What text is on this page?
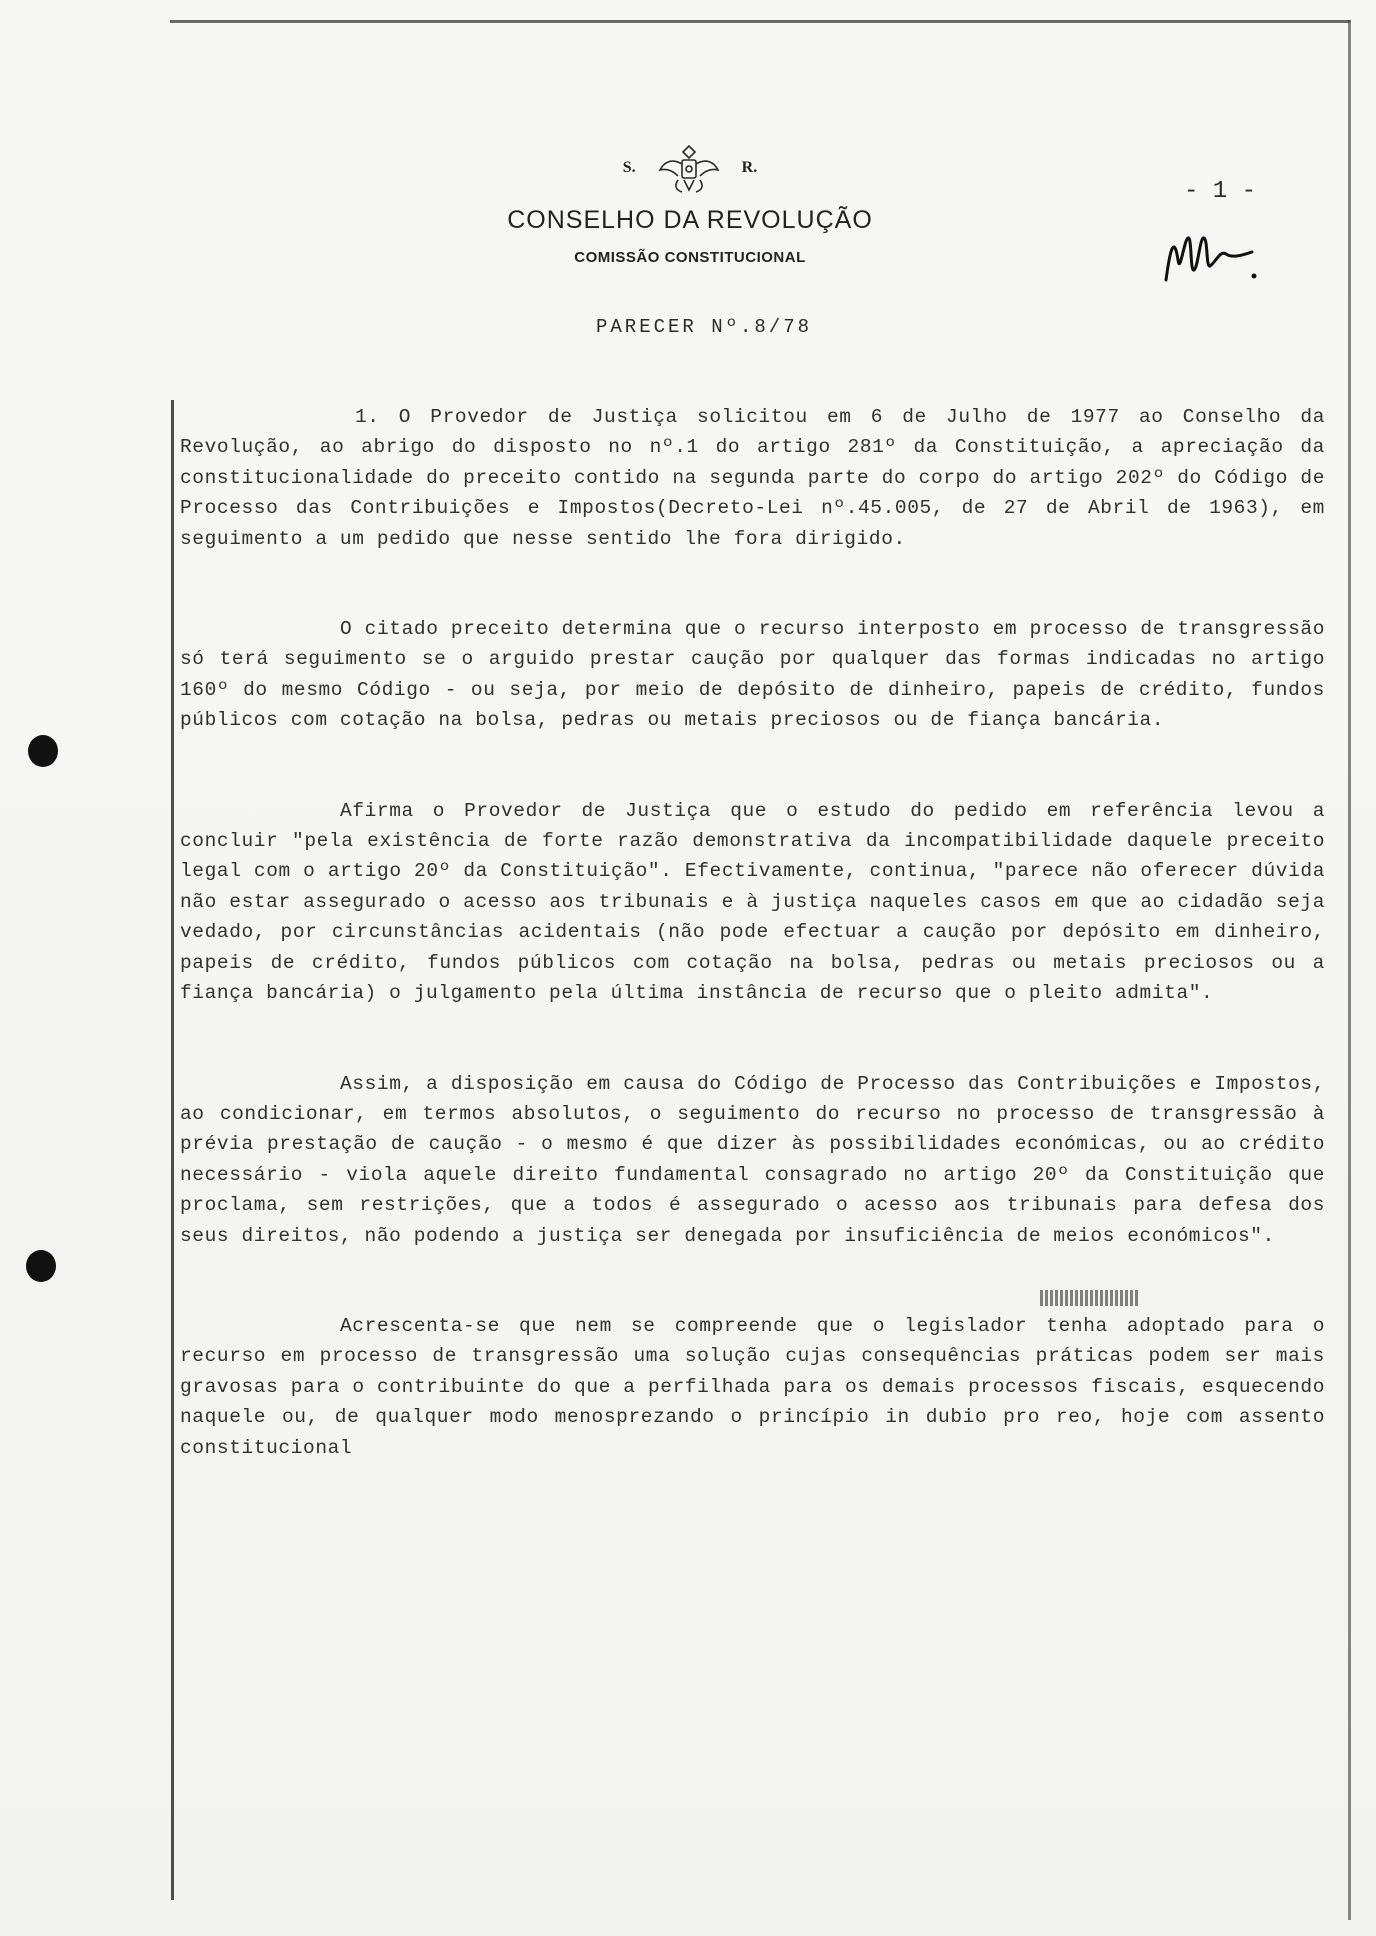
S.	R.
CONSELHO DA REVOLUÇÃO
COMISSÃO CONSTITUCIONAL
PARECER Nº.8/78
- 1 -

1. O Provedor de Justiça solicitou em 6 de Julho de 1977 ao Conselho da Revolução, ao abrigo do disposto no nº.1 do artigo 281º da Constituição, a apreciação da constitucionalidade do preceito contido na segunda parte do corpo do artigo 202º do Código de Processo das Contribuições e Impostos(Decreto-Lei nº.45.005, de 27 de Abril de 1963), em seguimento a um pedido que nesse sentido lhe fora dirigido.

O citado preceito determina que o recurso interposto em processo de transgressão só terá seguimento se o arguido prestar caução por qualquer das formas indicadas no artigo 160º do mesmo Código - ou seja, por meio de depósito de dinheiro, papeis de crédito, fundos públicos com cotação na bolsa, pedras ou metais preciosos ou de fiança bancária.

Afirma o Provedor de Justiça que o estudo do pedido em referência levou a concluir "pela existência de forte razão demonstrativa da incompatibilidade daquele preceito legal com o artigo 20º da Constituição". Efectivamente, continua, "parece não oferecer dúvida não estar assegurado o acesso aos tribunais e à justiça naqueles casos em que ao cidadão seja vedado, por circunstâncias acidentais (não pode efectuar a caução por depósito em dinheiro, papeis de crédito, fundos públicos com cotação na bolsa, pedras ou metais preciosos ou a fiança bancária) o julgamento pela última instância de recurso que o pleito admita".

Assim, a disposição em causa do Código de Processo das Contribuições e Impostos, ao condicionar, em termos absolutos, o seguimento do recurso no processo de transgressão à prévia prestação de caução - o mesmo é que dizer às possibilidades económicas, ou ao crédito necessário - viola aquele direito fundamental consagrado no artigo 20º da Constituição que proclama, sem restrições, que a todos é assegurado o acesso aos tribunais para defesa dos seus direitos, não podendo a justiça ser denegada por insuficiência de meios económicos".

Acrescenta-se que nem se compreende que o legislador tenha adoptado para o recurso em processo de transgressão uma solução cujas consequências práticas podem ser mais gravosas para o contribuinte do que a perfilhada para os demais processos fiscais, esquecendo naquele ou, de qualquer modo menosprezando o princípio in dubio pro reo, hoje com assento constitucional
